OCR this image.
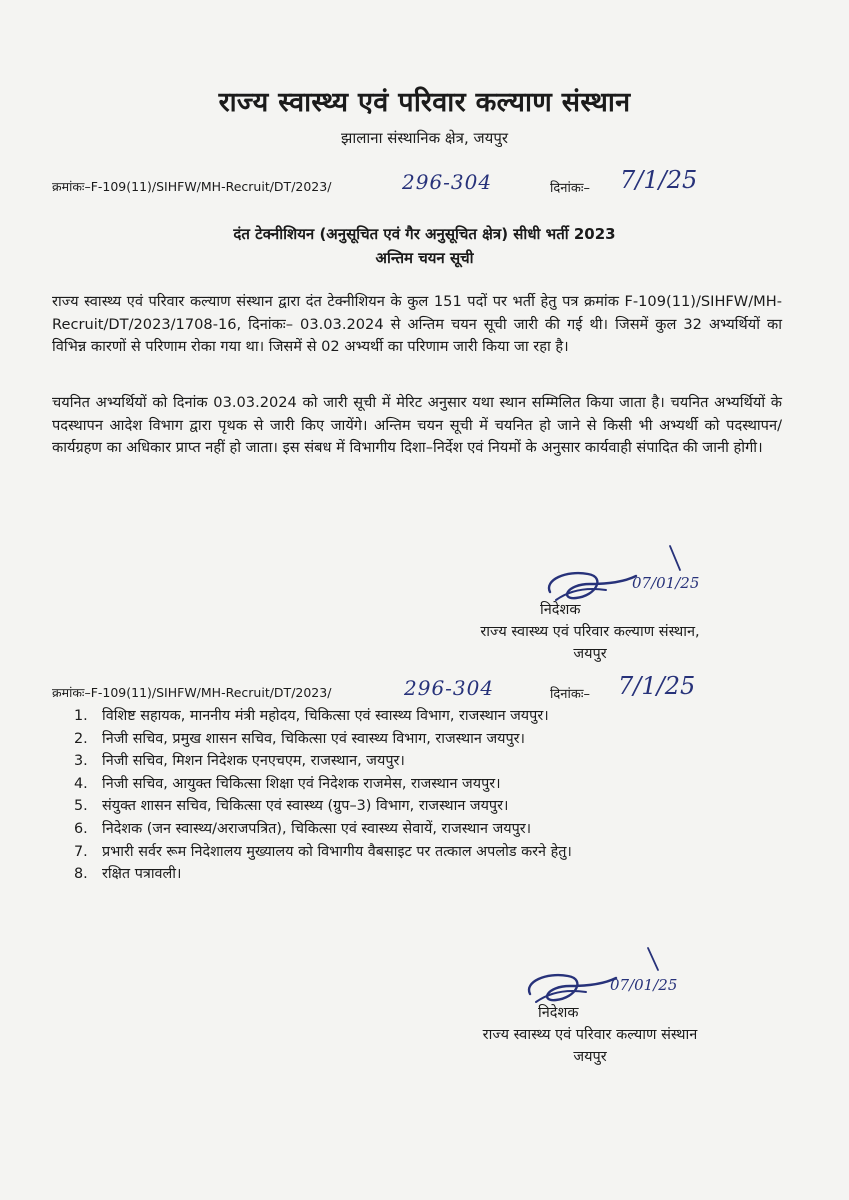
राज्य स्वास्थ्य एवं परिवार कल्याण संस्थान
झालाना संस्थानिक क्षेत्र, जयपुर
क्रमांकः–F-109(11)/SIHFW/MH-Recruit/DT/2023/	296-304	दिनांकः– 7/1/25
दंत टेक्नीशियन (अनुसूचित एवं गैर अनुसूचित क्षेत्र) सीधी भर्ती 2023
अन्तिम चयन सूची
राज्य स्वास्थ्य एवं परिवार कल्याण संस्थान द्वारा दंत टेक्नीशियन के कुल 151 पदों पर भर्ती हेतु पत्र क्रमांक F-109(11)/SIHFW/MH-Recruit/DT/2023/1708-16, दिनांकः– 03.03.2024 से अन्तिम चयन सूची जारी की गई थी। जिसमें कुल 32 अभ्यर्थियों का विभिन्न कारणों से परिणाम रोका गया था। जिसमें से 02 अभ्यर्थी का परिणाम जारी किया जा रहा है।
चयनित अभ्यर्थियों को दिनांक 03.03.2024 को जारी सूची में मेरिट अनुसार यथा स्थान सम्मिलित किया जाता है। चयनित अभ्यर्थियों के पदस्थापन आदेश विभाग द्वारा पृथक से जारी किए जायेंगे। अन्तिम चयन सूची में चयनित हो जाने से किसी भी अभ्यर्थी को पदस्थापन/कार्यग्रहण का अधिकार प्राप्त नहीं हो जाता। इस संबध में विभागीय दिशा–निर्देश एवं नियमों के अनुसार कार्यवाही संपादित की जानी होगी।
07/01/25
निदेशक
राज्य स्वास्थ्य एवं परिवार कल्याण संस्थान,
जयपुर
क्रमांकः–F-109(11)/SIHFW/MH-Recruit/DT/2023/	296-304	दिनांकः– 7/1/25
1. विशिष्ट सहायक, माननीय मंत्री महोदय, चिकित्सा एवं स्वास्थ्य विभाग, राजस्थान जयपुर।
2. निजी सचिव, प्रमुख शासन सचिव, चिकित्सा एवं स्वास्थ्य विभाग, राजस्थान जयपुर।
3. निजी सचिव, मिशन निदेशक एनएचएम, राजस्थान, जयपुर।
4. निजी सचिव, आयुक्त चिकित्सा शिक्षा एवं निदेशक राजमेस, राजस्थान जयपुर।
5. संयुक्त शासन सचिव, चिकित्सा एवं स्वास्थ्य (ग्रुप–3) विभाग, राजस्थान जयपुर।
6. निदेशक (जन स्वास्थ्य/अराजपत्रित), चिकित्सा एवं स्वास्थ्य सेवायें, राजस्थान जयपुर।
7. प्रभारी सर्वर रूम निदेशालय मुख्यालय को विभागीय वैबसाइट पर तत्काल अपलोड करने हेतु।
8. रक्षित पत्रावली।
07/01/25
निदेशक
राज्य स्वास्थ्य एवं परिवार कल्याण संस्थान
जयपुर
